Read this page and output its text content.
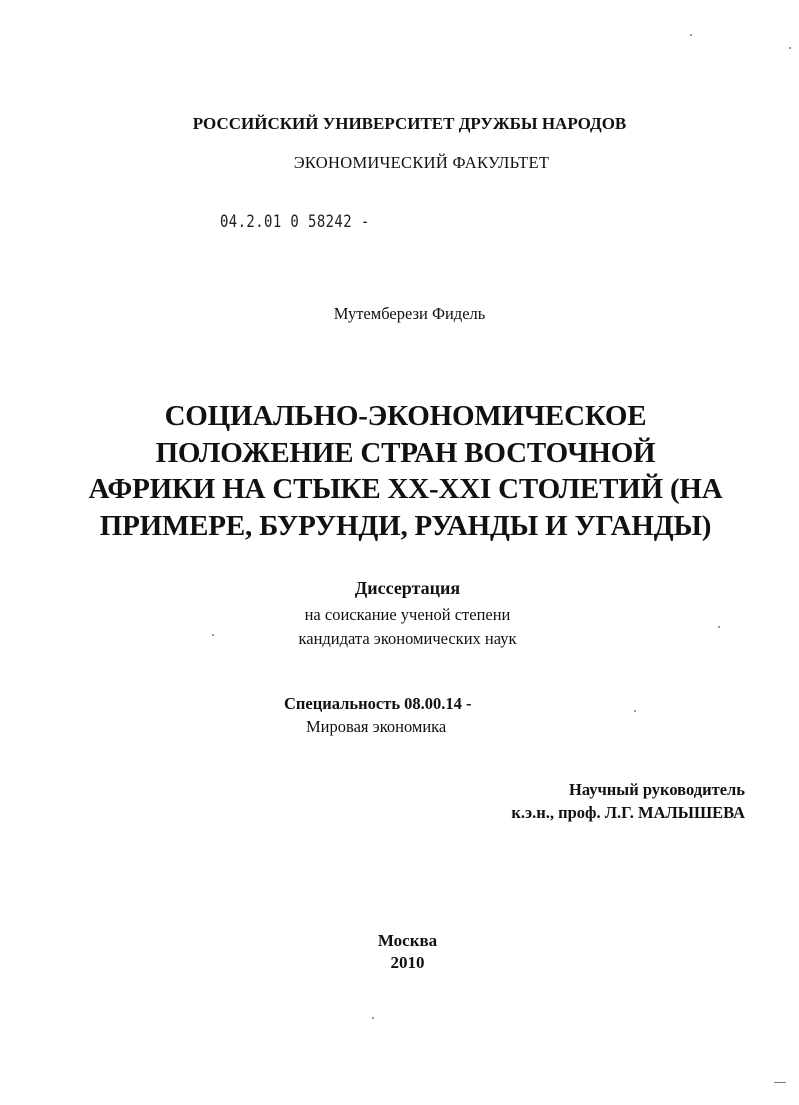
РОССИЙСКИЙ УНИВЕРСИТЕТ ДРУЖБЫ НАРОДОВ
ЭКОНОМИЧЕСКИЙ ФАКУЛЬТЕТ
04.2.01 0 58242 -
Мутемберези Фидель
СОЦИАЛЬНО-ЭКОНОМИЧЕСКОЕ
ПОЛОЖЕНИЕ СТРАН ВОСТОЧНОЙ
АФРИКИ НА СТЫКЕ XX-XXI СТОЛЕТИЙ (НА
ПРИМЕРЕ, БУРУНДИ, РУАНДЫ И УГАНДЫ)
Диссертация
на соискание ученой степени
кандидата экономических наук
Специальность 08.00.14 -
Мировая экономика
Научный руководитель
к.э.н., проф. Л.Г. МАЛЫШЕВА
Москва
2010
